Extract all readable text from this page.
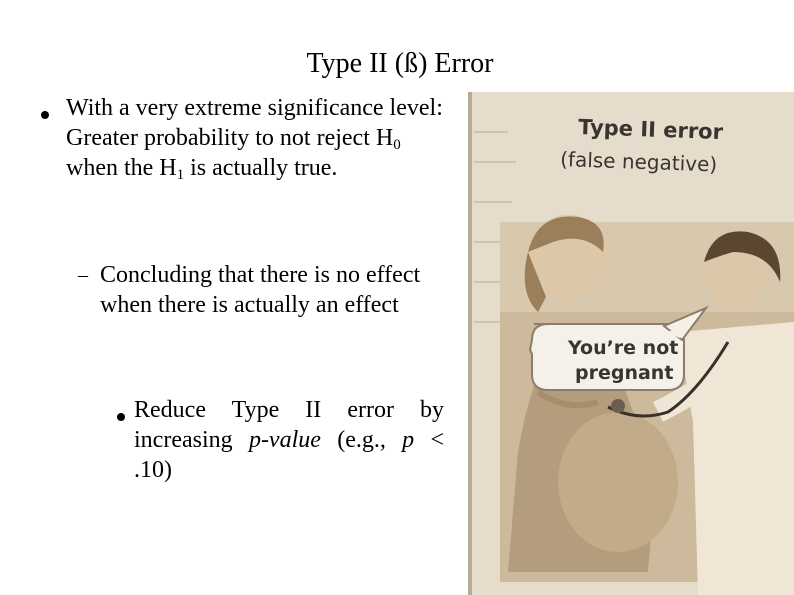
Type II (ß) Error
With a very extreme significance level: Greater probability to not reject $H_0$ when the $H_1$ is actually true.
– Concluding that there is no effect when there is actually an effect
Reduce Type II error by increasing p-value (e.g., p < .10)
You’re not
pregnant
Type II error
(false negative)
